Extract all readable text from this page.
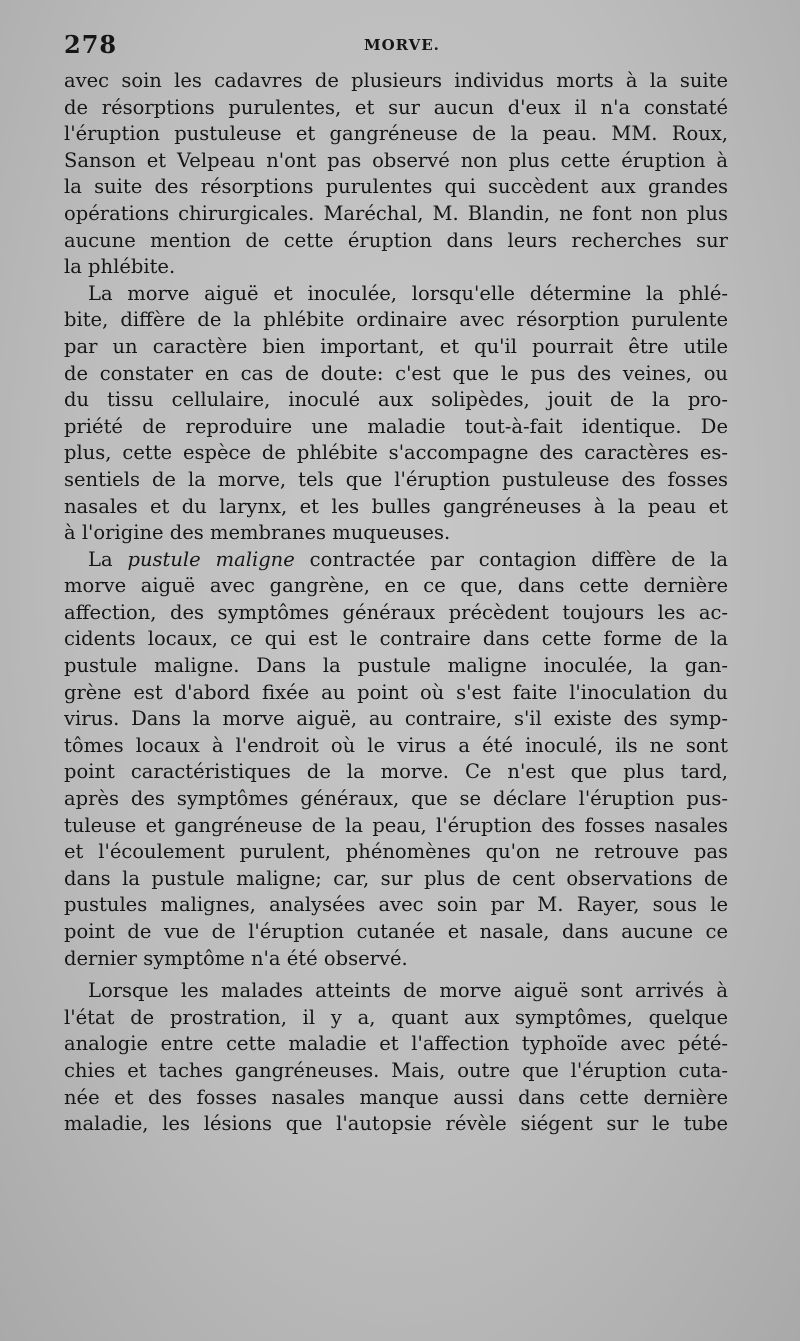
278	MORVE.

avec soin les cadavres de plusieurs individus morts à la suite
de résorptions purulentes, et sur aucun d'eux il n'a constaté
l'éruption pustuleuse et gangréneuse de la peau. MM. Roux,
Sanson et Velpeau n'ont pas observé non plus cette éruption à
la suite des résorptions purulentes qui succèdent aux grandes
opérations chirurgicales. Maréchal, M. Blandin, ne font non plus
aucune mention de cette éruption dans leurs recherches sur
la phlébite.

La morve aiguë et inoculée, lorsqu'elle détermine la phlé-
bite, diffère de la phlébite ordinaire avec résorption purulente
par un caractère bien important, et qu'il pourrait être utile
de constater en cas de doute: c'est que le pus des veines, ou
du tissu cellulaire, inoculé aux solipèdes, jouit de la pro-
priété de reproduire une maladie tout-à-fait identique. De
plus, cette espèce de phlébite s'accompagne des caractères es-
sentiels de la morve, tels que l'éruption pustuleuse des fosses
nasales et du larynx, et les bulles gangréneuses à la peau et
à l'origine des membranes muqueuses.

La pustule maligne contractée par contagion diffère de la
morve aiguë avec gangrène, en ce que, dans cette dernière
affection, des symptômes généraux précèdent toujours les ac-
cidents locaux, ce qui est le contraire dans cette forme de la
pustule maligne. Dans la pustule maligne inoculée, la gan-
grène est d'abord fixée au point où s'est faite l'inoculation du
virus. Dans la morve aiguë, au contraire, s'il existe des symp-
tômes locaux à l'endroit où le virus a été inoculé, ils ne sont
point caractéristiques de la morve. Ce n'est que plus tard,
après des symptômes généraux, que se déclare l'éruption pus-
tuleuse et gangréneuse de la peau, l'éruption des fosses nasales
et l'écoulement purulent, phénomènes qu'on ne retrouve pas
dans la pustule maligne; car, sur plus de cent observations de
pustules malignes, analysées avec soin par M. Rayer, sous le
point de vue de l'éruption cutanée et nasale, dans aucune ce
dernier symptôme n'a été observé.

Lorsque les malades atteints de morve aiguë sont arrivés à
l'état de prostration, il y a, quant aux symptômes, quelque
analogie entre cette maladie et l'affection typhoïde avec pété-
chies et taches gangréneuses. Mais, outre que l'éruption cuta-
née et des fosses nasales manque aussi dans cette dernière
maladie, les lésions que l'autopsie révèle siégent sur le tube
